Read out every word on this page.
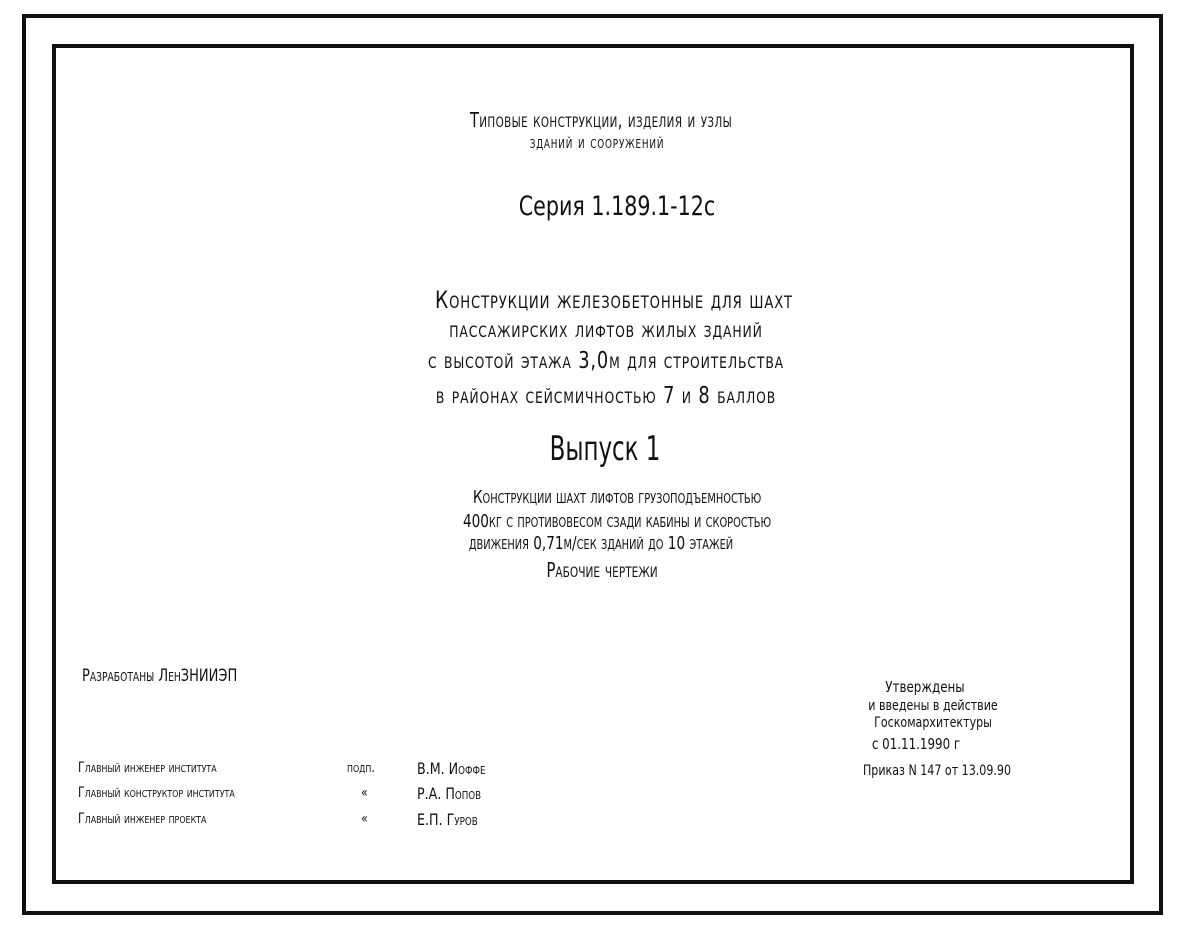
Типовые конструкции, изделия и узлы
зданий и сооружений
Серия 1.189.1-12с
Конструкции железобетонные для шахт
пассажирских лифтов жилых зданий
с высотой этажа 3,0м для строительства
в районах сейсмичностью 7 и 8 баллов
Выпуск 1
Конструкции шахт лифтов грузоподъемностью
400кг с противовесом сзади кабины и скоростью
движения 0,71м/сек зданий до 10 этажей
Рабочие чертежи
Разработаны ЛенЗНИИЭП
Утверждены
и введены в действие
Госкомархитектуры
с 01.11.1990 г
Приказ N 147 от 13.09.90
Главный инженер института	подп.	В.М. Иоффе
Главный конструктор института	«	Р.А. Попов
Главный инженер проекта	«	Е.П. Гуров
